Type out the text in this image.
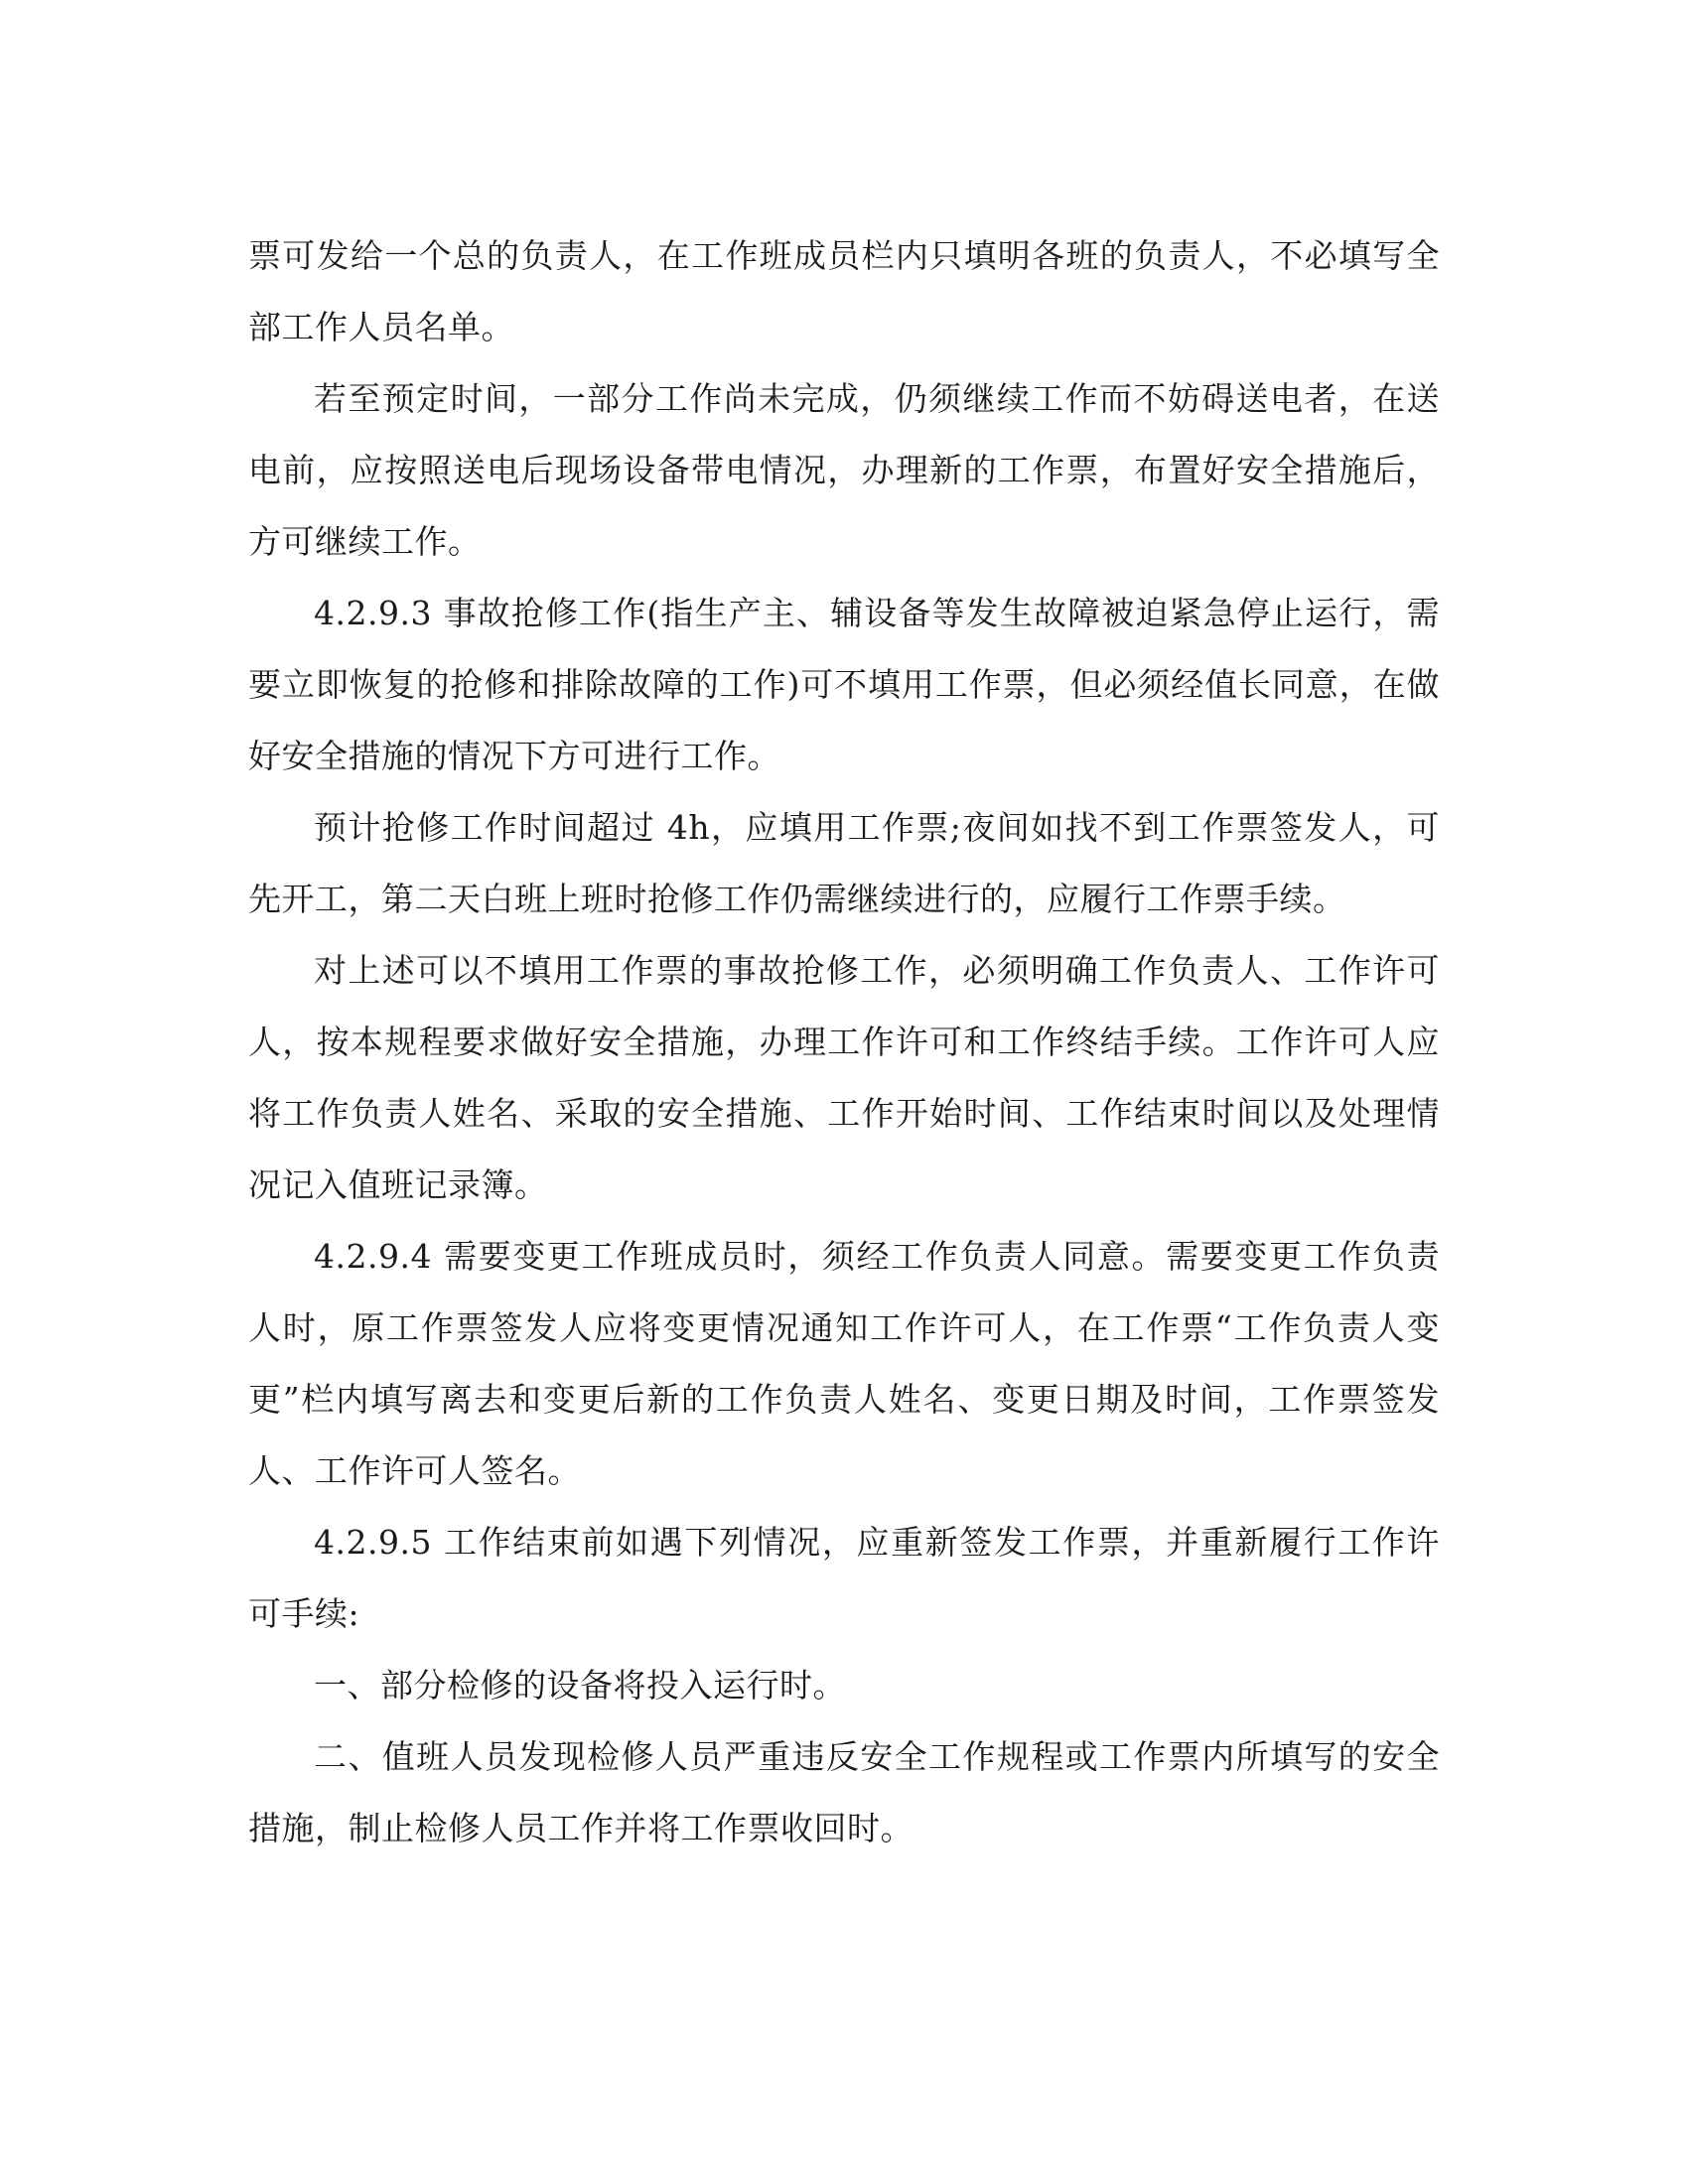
票可发给一个总的负责人，在工作班成员栏内只填明各班的负责人，不必填写全部工作人员名单。

若至预定时间，一部分工作尚未完成，仍须继续工作而不妨碍送电者，在送电前，应按照送电后现场设备带电情况，办理新的工作票，布置好安全措施后，方可继续工作。

4.2.9.3 事故抢修工作(指生产主、辅设备等发生故障被迫紧急停止运行，需要立即恢复的抢修和排除故障的工作)可不填用工作票，但必须经值长同意，在做好安全措施的情况下方可进行工作。

预计抢修工作时间超过 4h，应填用工作票;夜间如找不到工作票签发人，可先开工，第二天白班上班时抢修工作仍需继续进行的，应履行工作票手续。

对上述可以不填用工作票的事故抢修工作，必须明确工作负责人、工作许可人，按本规程要求做好安全措施，办理工作许可和工作终结手续。工作许可人应将工作负责人姓名、采取的安全措施、工作开始时间、工作结束时间以及处理情况记入值班记录簿。

4.2.9.4 需要变更工作班成员时，须经工作负责人同意。需要变更工作负责人时，原工作票签发人应将变更情况通知工作许可人，在工作票“工作负责人变更”栏内填写离去和变更后新的工作负责人姓名、变更日期及时间，工作票签发人、工作许可人签名。

4.2.9.5 工作结束前如遇下列情况，应重新签发工作票，并重新履行工作许可手续:

一、部分检修的设备将投入运行时。

二、值班人员发现检修人员严重违反安全工作规程或工作票内所填写的安全措施，制止检修人员工作并将工作票收回时。
